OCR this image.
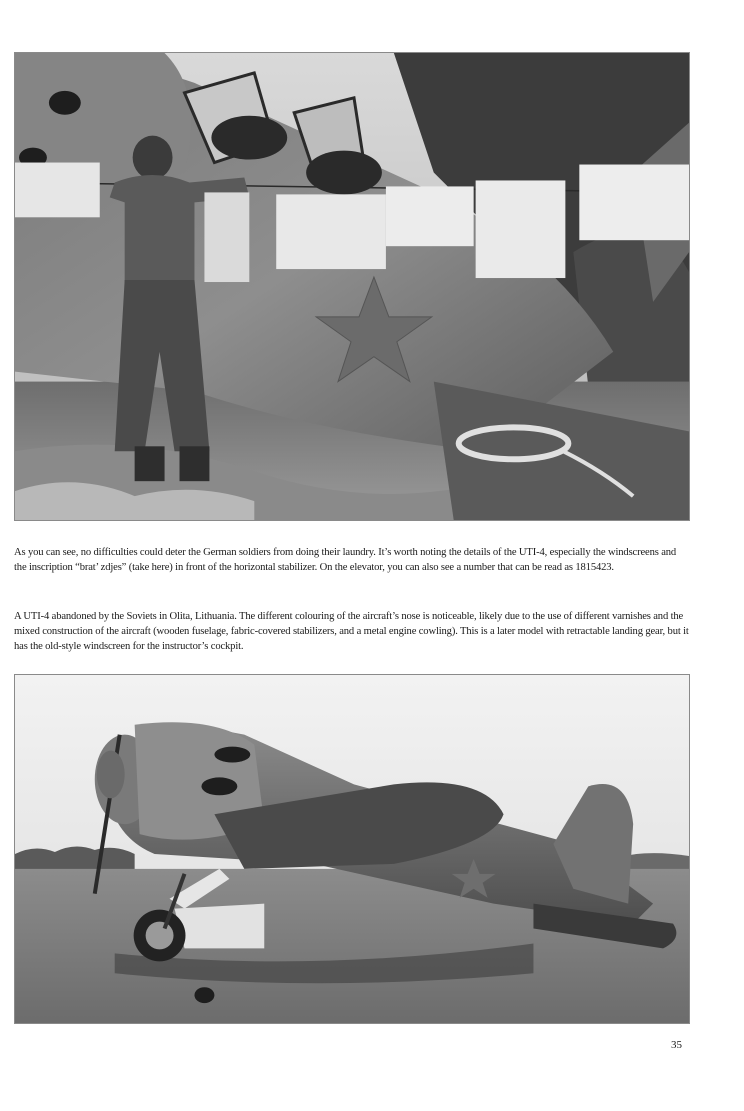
As you can see, no difficulties could deter the German soldiers from doing their laundry. It’s worth noting the details of the UTI-4, especially the windscreens and the inscription “brat’ zdjes” (take here) in front of the horizontal stabilizer. On the elevator, you can also see a number that can be read as 1815423.

A UTI-4 abandoned by the Soviets in Olita, Lithuania. The different colouring of the aircraft’s nose is noticeable, likely due to the use of different varnishes and the mixed construction of the aircraft (wooden fuselage, fabric-covered stabilizers, and a metal engine cowling). This is a later model with retractable landing gear, but it has the old-style windscreen for the instructor’s cockpit.

35
